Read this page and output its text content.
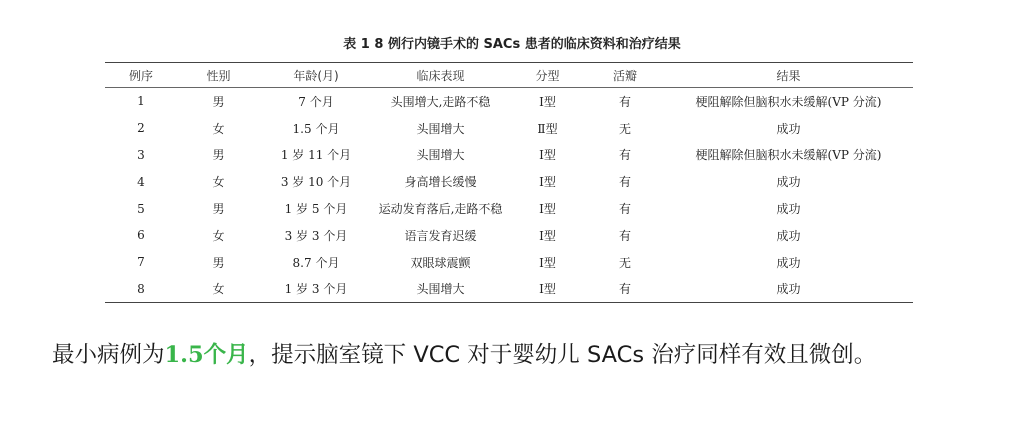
表 1 8 例行内镜手术的 SACs 患者的临床资料和治疗结果
例序	性别	年龄(月)	临床表现	分型	活瓣	结果
1	男	7 个月	头围增大,走路不稳	Ⅰ型	有	梗阻解除但脑积水未缓解(VP 分流)
2	女	1.5 个月	头围增大	Ⅱ型	无	成功
3	男	1 岁 11 个月	头围增大	Ⅰ型	有	梗阻解除但脑积水未缓解(VP 分流)
4	女	3 岁 10 个月	身高增长缓慢	Ⅰ型	有	成功
5	男	1 岁 5 个月	运动发育落后,走路不稳	Ⅰ型	有	成功
6	女	3 岁 3 个月	语言发育迟缓	Ⅰ型	有	成功
7	男	8.7 个月	双眼球震颤	Ⅰ型	无	成功
8	女	1 岁 3 个月	头围增大	Ⅰ型	有	成功
最小病例为1.5个月，提示脑室镜下 VCC 对于婴幼儿 SACs 治疗同样有效且微创。
